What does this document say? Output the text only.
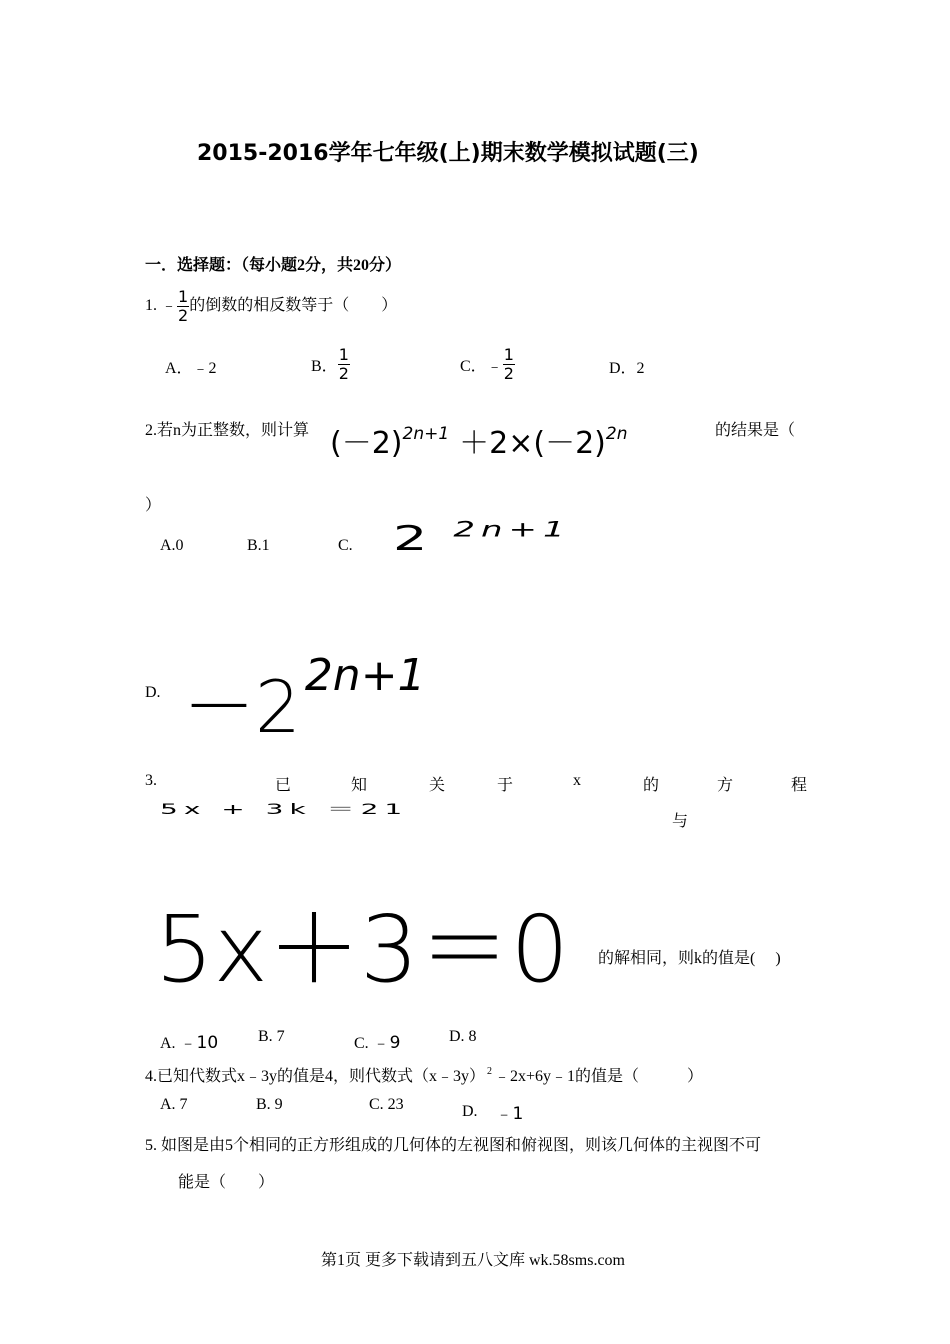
2015-2016学年七年级(上)期末数学模拟试题(三)
一．选择题：（每小题2分，共20分）
1. ﹣ $\frac{1}{2}$ 的倒数的相反数等于（　　）
A．﹣2	B． $\frac{1}{2}$	C．﹣ $\frac{1}{2}$	D．2
2.若n为正整数，则计算 $(-2)^{2n+1} +2\times(-2)^{2n}$	的结果是（
）
A.0	B.1	C. 2 $^{2n+1}$
D. $-2^{2n+1}$
3.	已	知	关	于	x	的	方	程
5x + 3k ＝21
与
5x＋3＝0 的解相同，则k的值是(　 )
A. ﹣10 B. 7	C. ﹣9	D. 8
4.已知代数式x﹣3y的值是4，则代数式（x﹣3y） $^2$ ﹣2x+6y﹣1的值是（　　　）
A. 7	B. 9	C. 23	D. ﹣1
5. 如图是由5个相同的正方形组成的几何体的左视图和俯视图，则该几何体的主视图不可
能是（　　）
第1页 更多下载请到五八文库 wk.58sms.com
